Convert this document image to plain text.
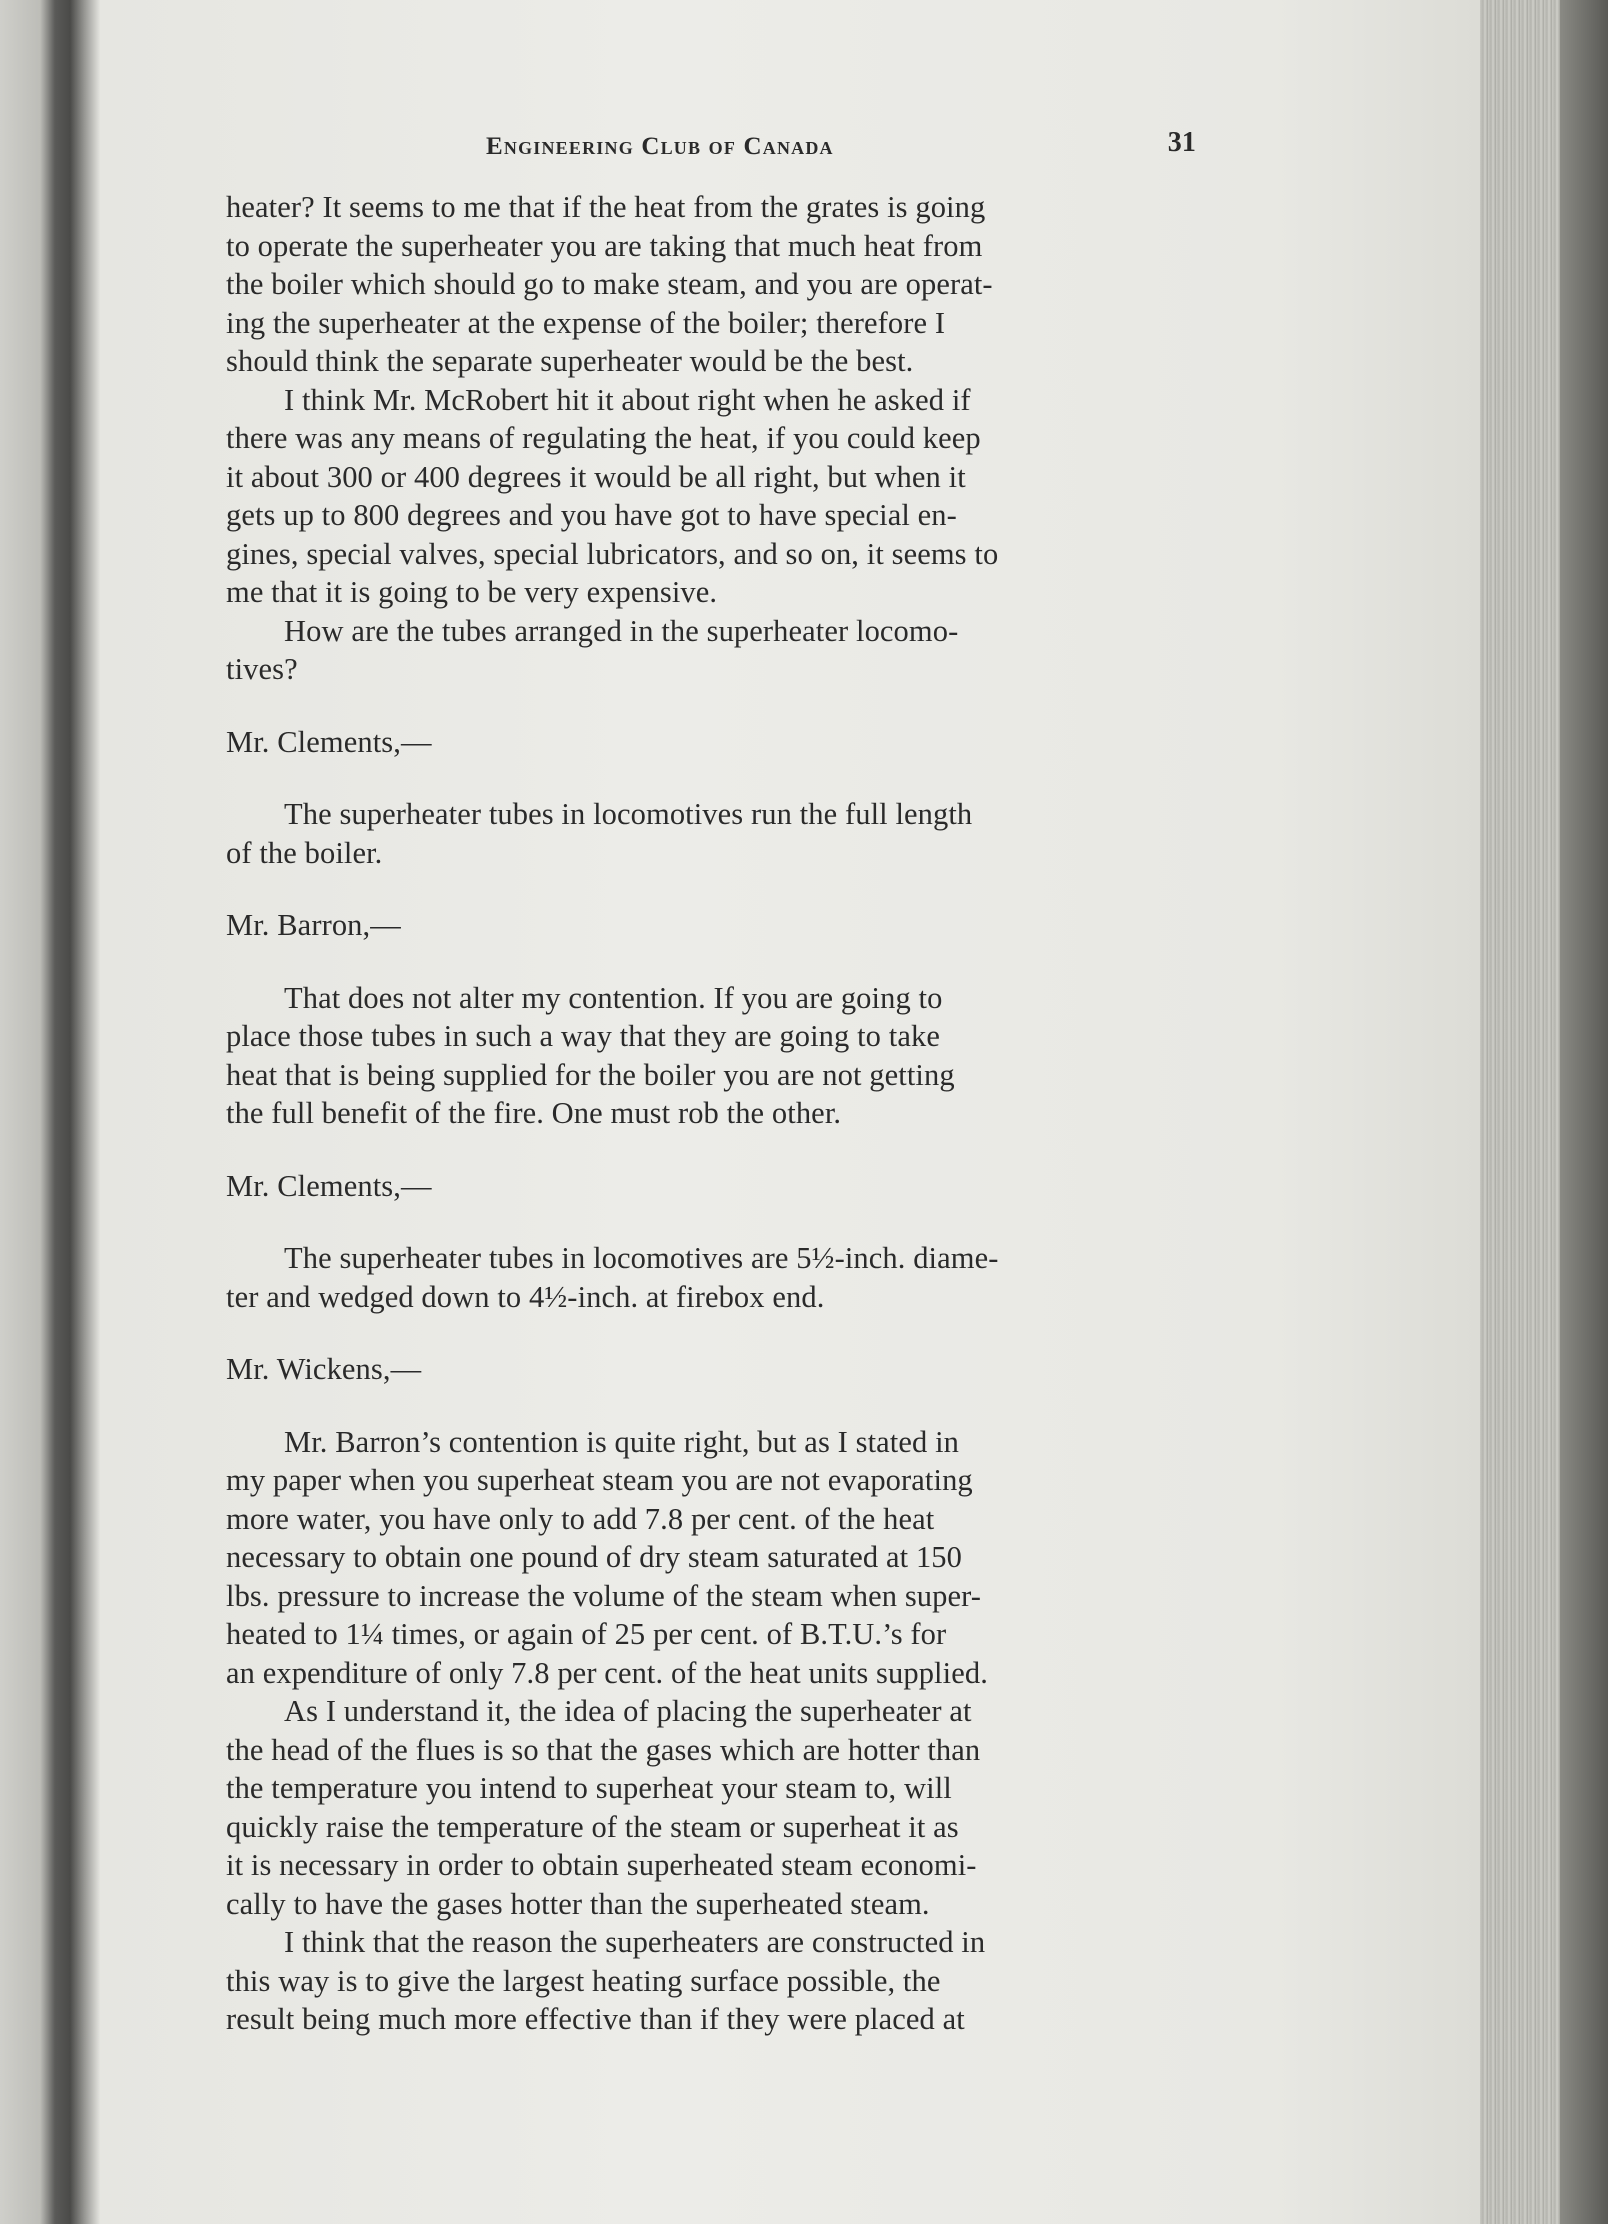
Engineering Club of Canada	31

heater? It seems to me that if the heat from the grates is going
to operate the superheater you are taking that much heat from
the boiler which should go to make steam, and you are operat-
ing the superheater at the expense of the boiler; therefore I
should think the separate superheater would be the best.

I think Mr. McRobert hit it about right when he asked if
there was any means of regulating the heat, if you could keep
it about 300 or 400 degrees it would be all right, but when it
gets up to 800 degrees and you have got to have special en-
gines, special valves, special lubricators, and so on, it seems to
me that it is going to be very expensive.

How are the tubes arranged in the superheater locomo-
tives?

Mr. Clements,—

The superheater tubes in locomotives run the full length
of the boiler.

Mr. Barron,—

That does not alter my contention. If you are going to
place those tubes in such a way that they are going to take
heat that is being supplied for the boiler you are not getting
the full benefit of the fire. One must rob the other.

Mr. Clements,—

The superheater tubes in locomotives are 5½-inch. diame-
ter and wedged down to 4½-inch. at firebox end.

Mr. Wickens,—

Mr. Barron’s contention is quite right, but as I stated in
my paper when you superheat steam you are not evaporating
more water, you have only to add 7.8 per cent. of the heat
necessary to obtain one pound of dry steam saturated at 150
lbs. pressure to increase the volume of the steam when super-
heated to 1¼ times, or again of 25 per cent. of B.T.U.’s for
an expenditure of only 7.8 per cent. of the heat units supplied.

As I understand it, the idea of placing the superheater at
the head of the flues is so that the gases which are hotter than
the temperature you intend to superheat your steam to, will
quickly raise the temperature of the steam or superheat it as
it is necessary in order to obtain superheated steam economi-
cally to have the gases hotter than the superheated steam.

I think that the reason the superheaters are constructed in
this way is to give the largest heating surface possible, the
result being much more effective than if they were placed at
